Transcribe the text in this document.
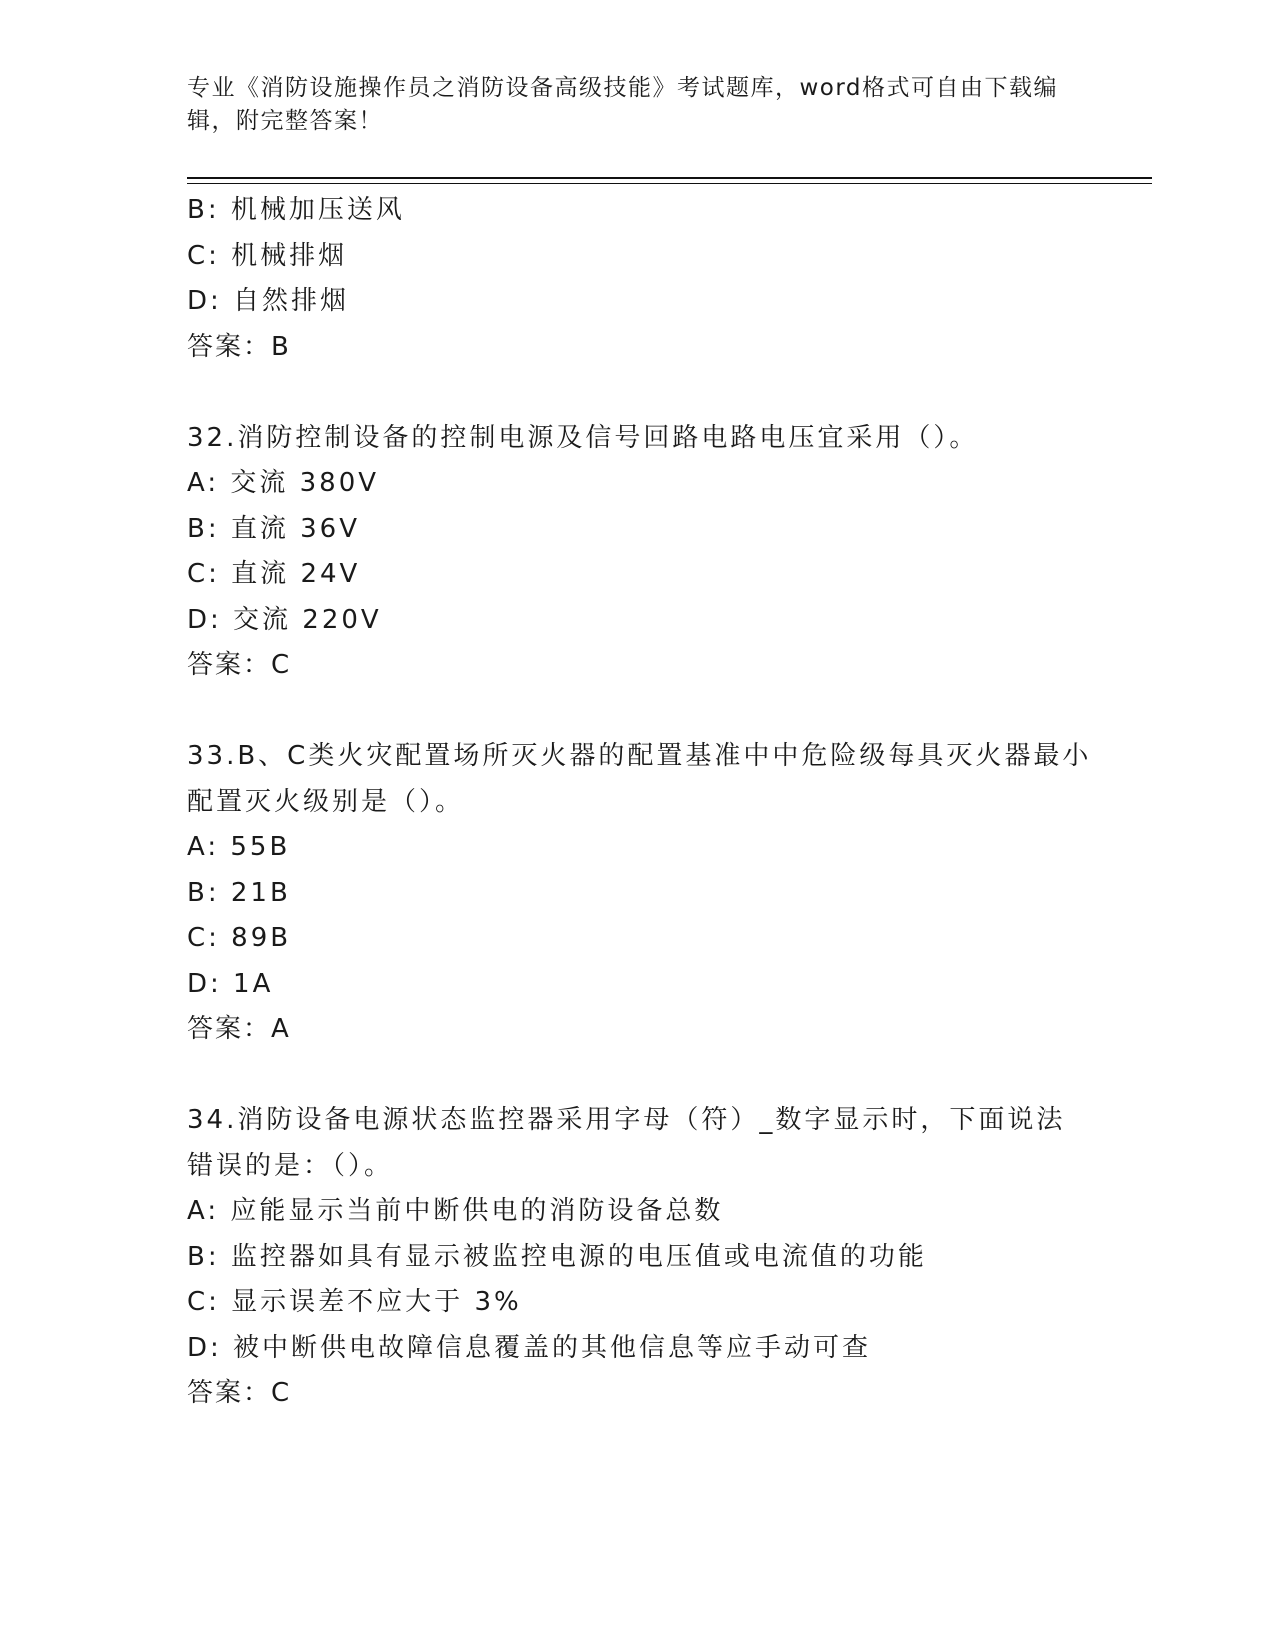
专业《消防设施操作员之消防设备高级技能》考试题库，word格式可自由下载编辑，附完整答案！
B: 机械加压送风
C: 机械排烟
D: 自然排烟
答案：B
32.消防控制设备的控制电源及信号回路电路电压宜采用（）。
A: 交流 380V
B: 直流 36V
C: 直流 24V
D: 交流 220V
答案：C
33.B、C类火灾配置场所灭火器的配置基准中中危险级每具灭火器最小
配置灭火级别是（）。
A: 55B
B: 21B
C: 89B
D: 1A
答案：A
34.消防设备电源状态监控器采用字母（符）_数字显示时，下面说法
错误的是：（）。
A: 应能显示当前中断供电的消防设备总数
B: 监控器如具有显示被监控电源的电压值或电流值的功能
C: 显示误差不应大于 3%
D: 被中断供电故障信息覆盖的其他信息等应手动可查
答案：C
